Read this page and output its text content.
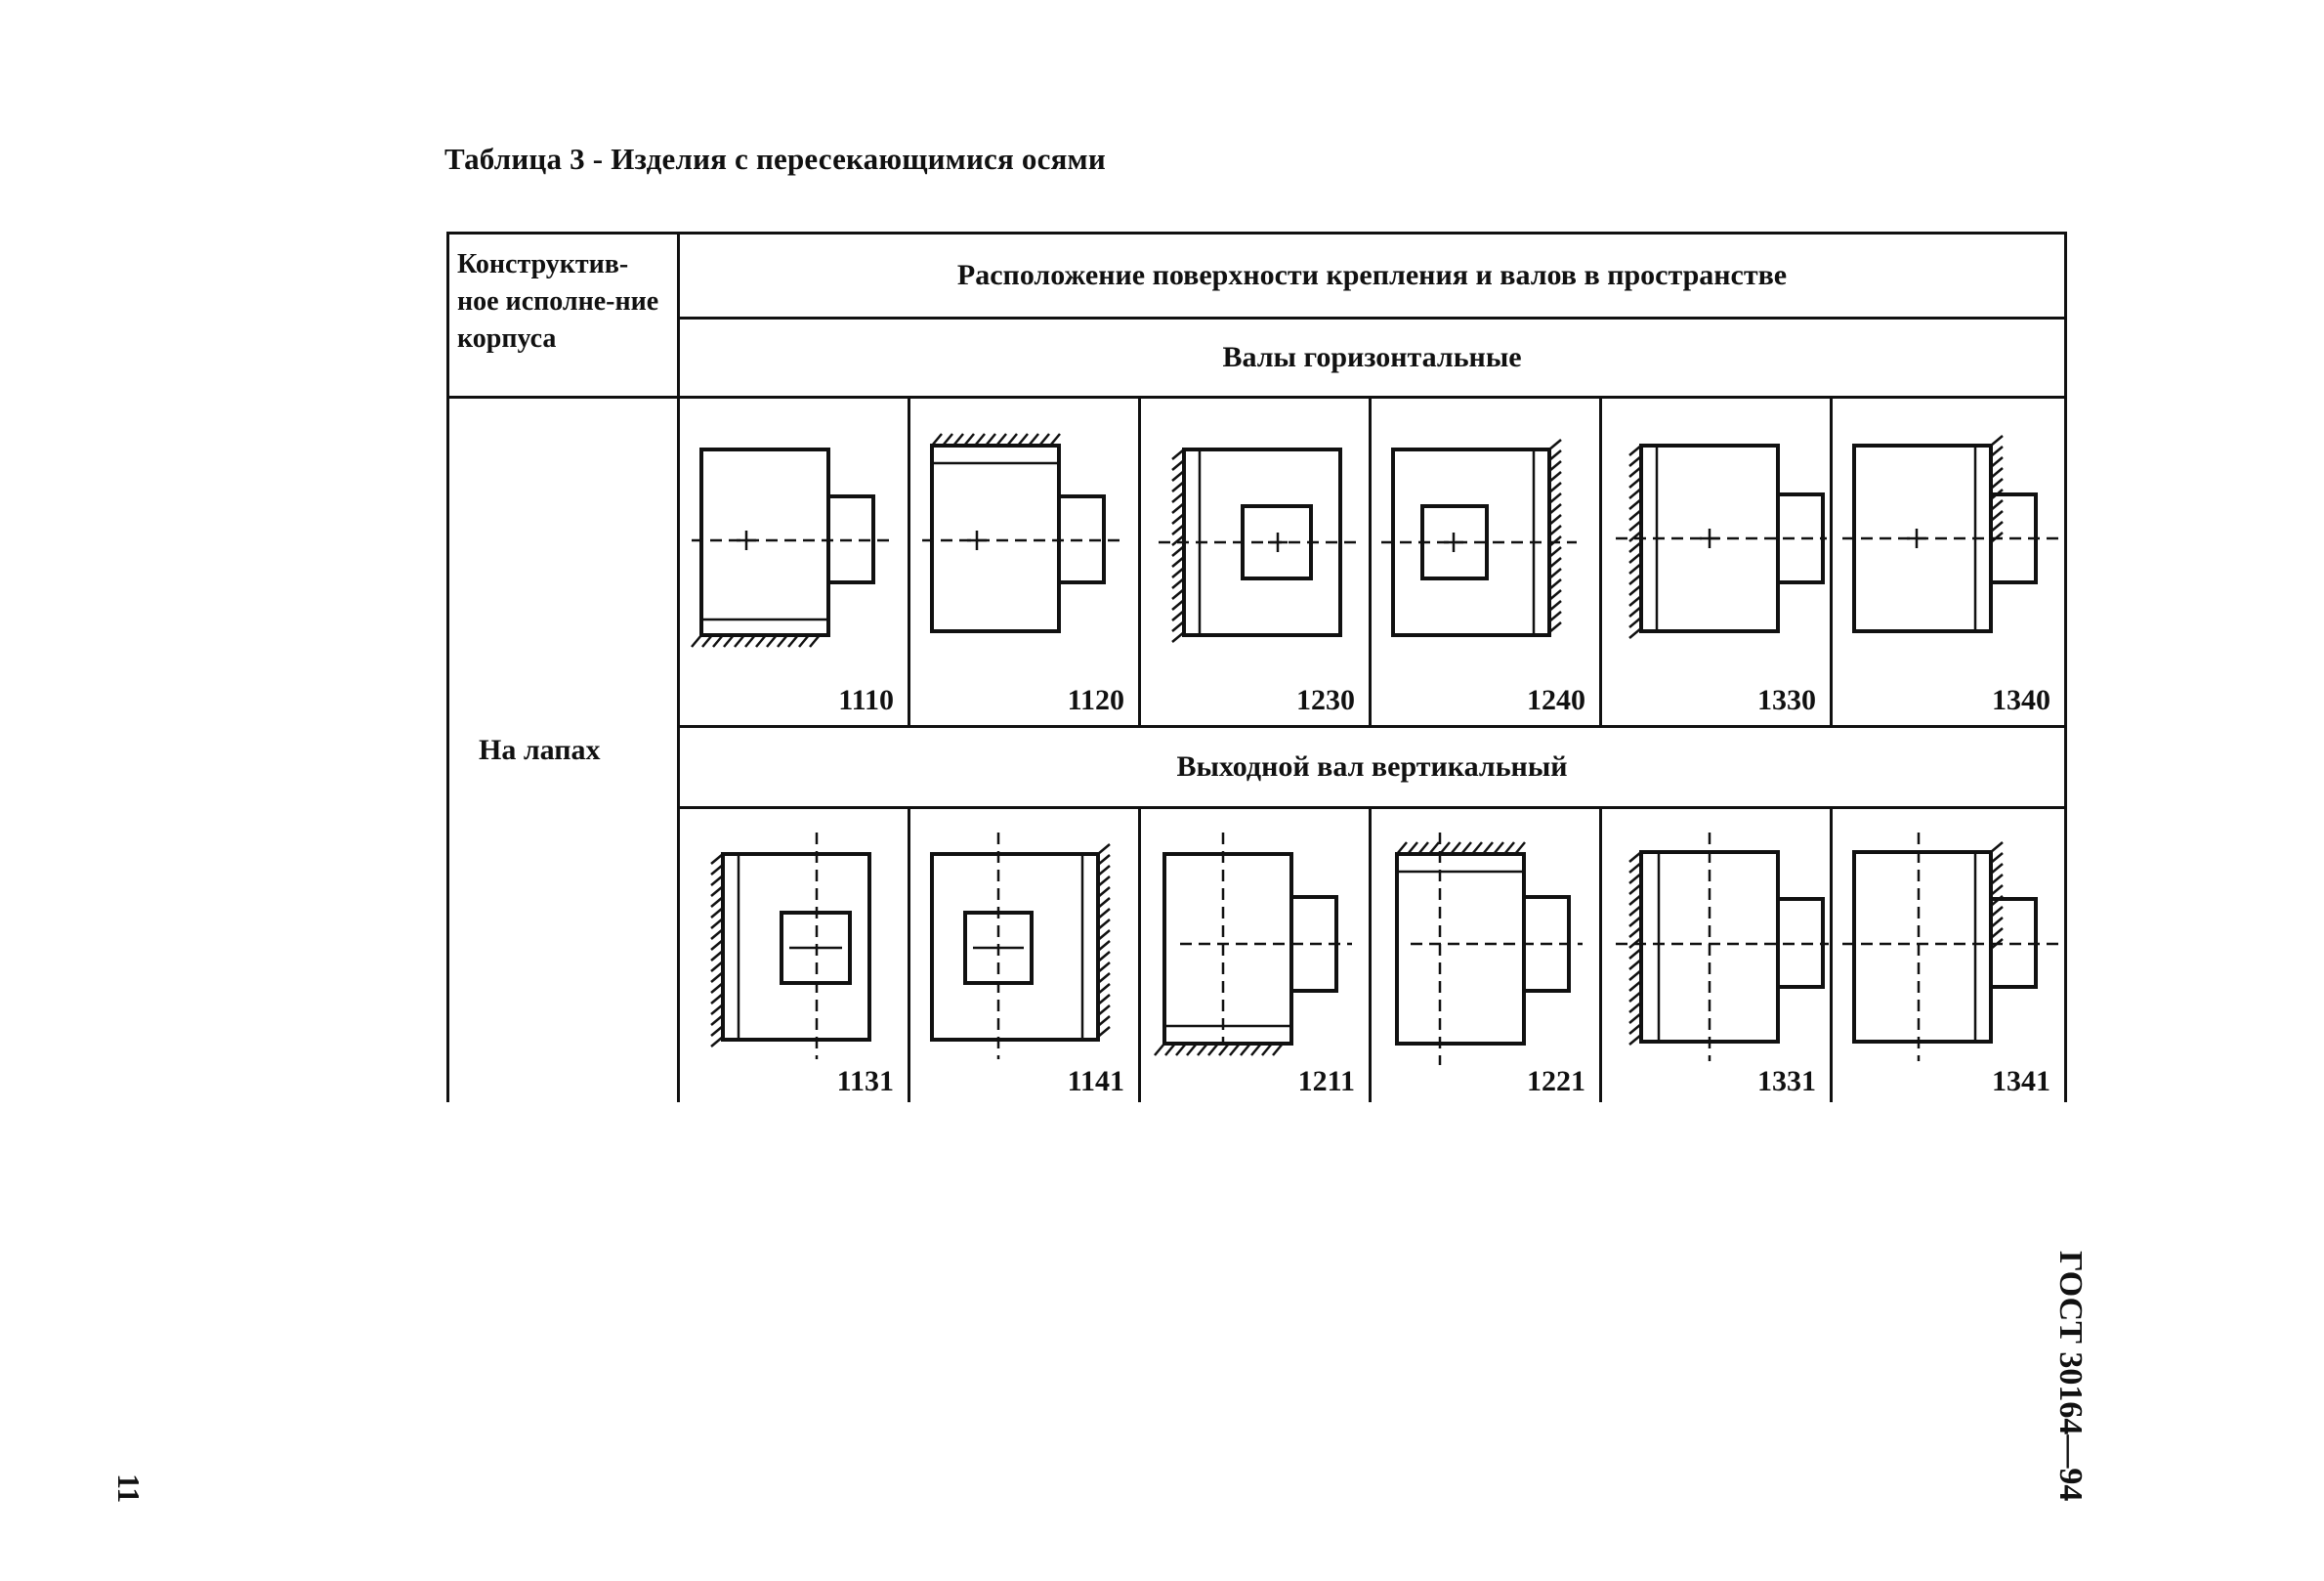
Таблица 3 - Изделия с пересекающимися осями
Конструктив-ное исполне-ние корпуса	Расположение поверхности крепления и валов в пространстве					
	Валы горизонтальные					
На лапах	1110	1120	1230	1240	1330	1340

	Выходной вал вертикальный					

	1131	1141	1211	1221	1331	1341
ГОСТ 30164—94
11
